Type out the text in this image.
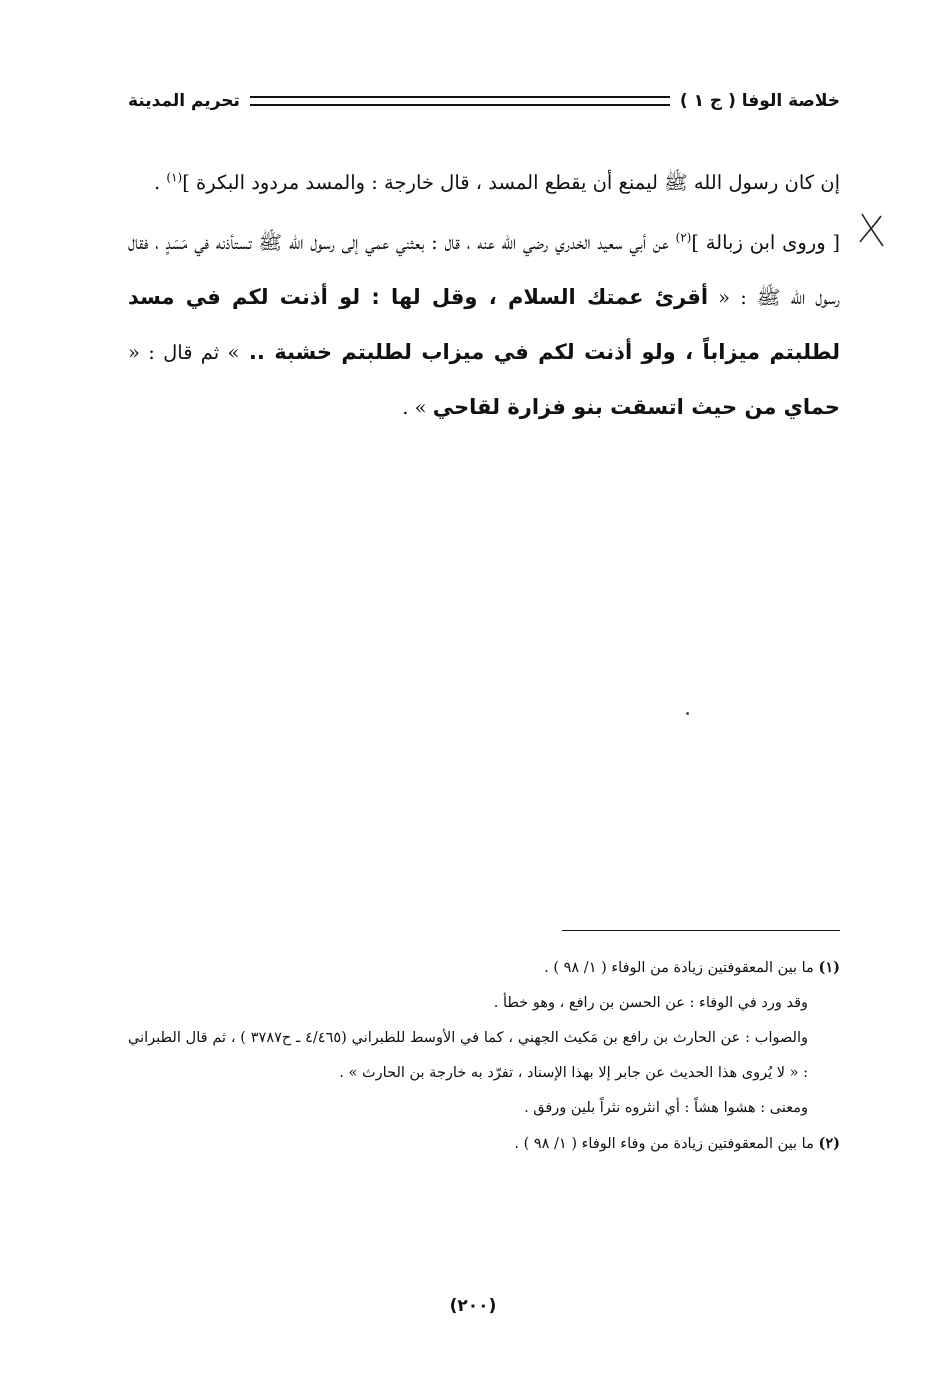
خلاصة الوفا ( ج ١ )
تحريم المدينة

إن كان رسول الله ﷺ ليمنع أن يقطع المسد ، قال خارجة : والمسد مردود البكرة ]$^{(١)}$ .

[ وروى ابن زبالة ]$^{(٢)}$ عن أبي سعيد الخدري رضي الله عنه ، قال : بعثني عمي إلى رسول الله ﷺ تستأذنه في مَسَدٍ ، فقال رسول الله ﷺ : « أقرئ عمتك السلام ، وقل لها : لو أذنت لكم في مسد لطلبتم ميزاباً ، ولو أذنت لكم في ميزاب لطلبتم خشبة .. » ثم قال : « حماي من حيث اتسقت بنو فزارة لقاحي » .

(١) ما بين المعقوفتين زيادة من الوفاء ( ١/ ٩٨ ) .

وقد ورد في الوفاء : عن الحسن بن رافع ، وهو خطأ .

والصواب : عن الحارث بن رافع بن مَكيث الجهني ، كما في الأوسط للطبراني (٤/٤٦٥ ـ ح٣٧٨٧ ) ، ثم قال الطبراني : « لا يُروى هذا الحديث عن جابر إلا بهذا الإسناد ، تفرّد به خارجة بن الحارث » .

ومعنى : هشوا هشاً : أي انثروه نثراً بلين ورفق .

(٢) ما بين المعقوفتين زيادة من وفاء الوفاء ( ١/ ٩٨ ) .

(٢٠٠)
